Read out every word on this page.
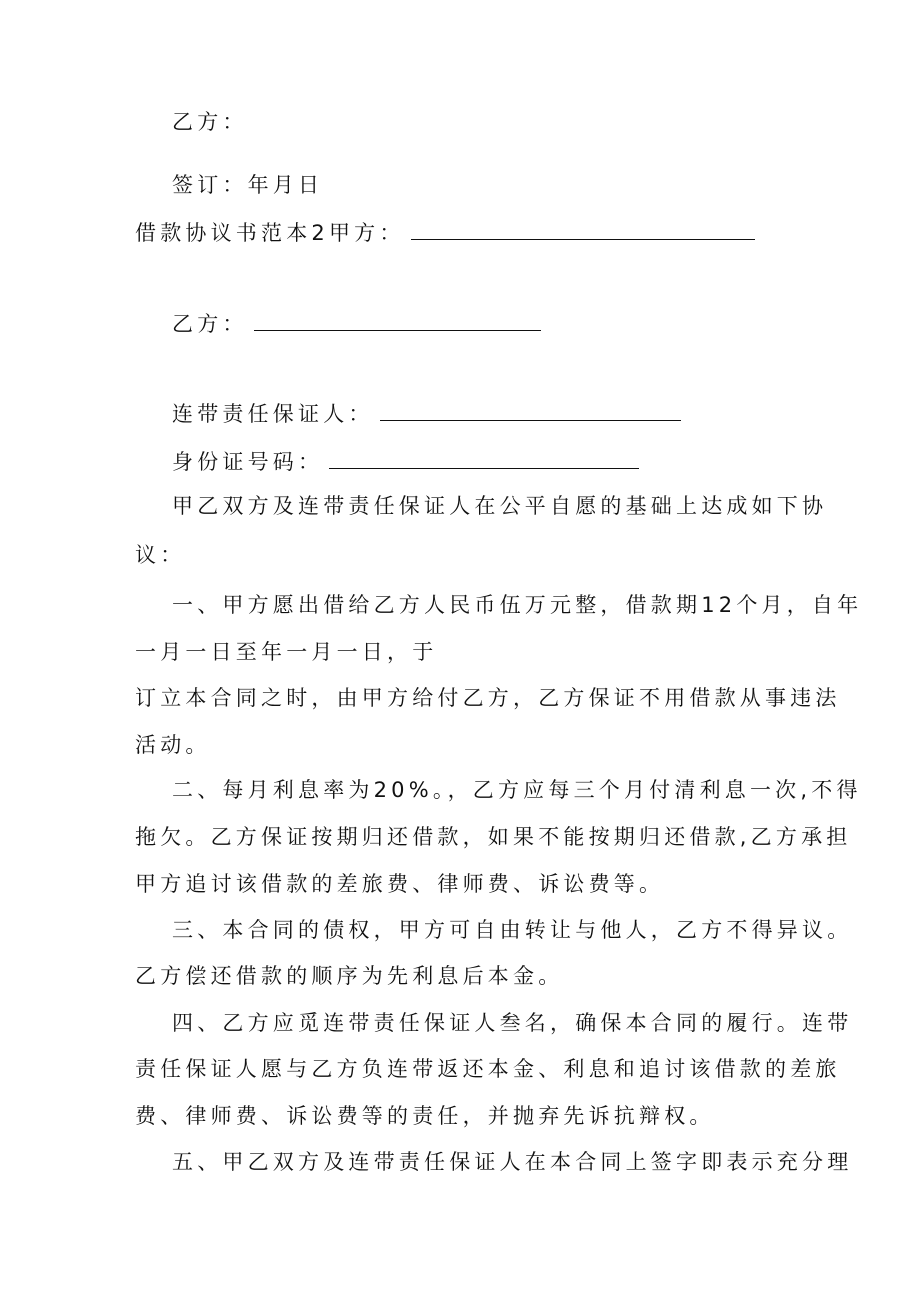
乙方：
签订：年月日
借款协议书范本2甲方：
乙方：
连带责任保证人：
身份证号码：
甲乙双方及连带责任保证人在公平自愿的基础上达成如下协
议：
一、甲方愿出借给乙方人民币伍万元整，借款期12个月，自年
一月一日至年一月一日，于
订立本合同之时，由甲方给付乙方，乙方保证不用借款从事违法
活动。
二、每月利息率为20%。，乙方应每三个月付清利息一次,不得
拖欠。乙方保证按期归还借款，如果不能按期归还借款,乙方承担
甲方追讨该借款的差旅费、律师费、诉讼费等。
三、本合同的债权，甲方可自由转让与他人，乙方不得异议。
乙方偿还借款的顺序为先利息后本金。
四、乙方应觅连带责任保证人叁名，确保本合同的履行。连带
责任保证人愿与乙方负连带返还本金、利息和追讨该借款的差旅
费、律师费、诉讼费等的责任，并抛弃先诉抗辩权。
五、甲乙双方及连带责任保证人在本合同上签字即表示充分理
